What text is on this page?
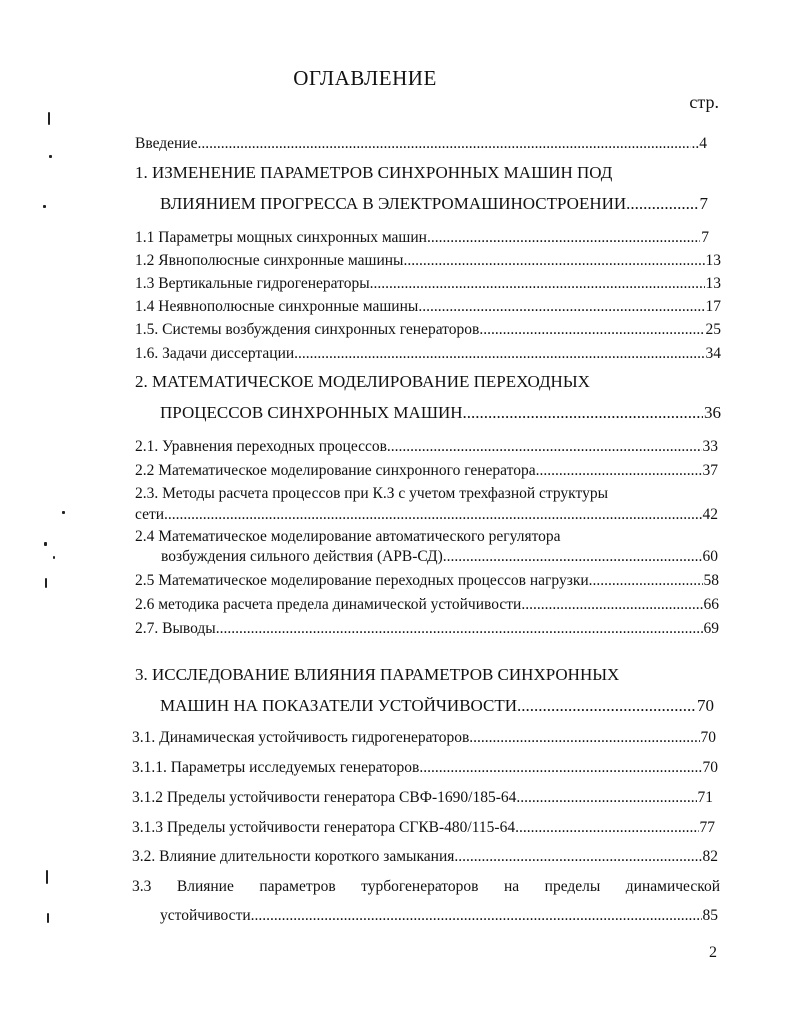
ОГЛАВЛЕНИЕ
стр.
Введение .....	..4
1. ИЗМЕНЕНИЕ ПАРАМЕТРОВ СИНХРОННЫХ МАШИН ПОД
ВЛИЯНИЕМ ПРОГРЕССА В ЭЛЕКТРОМАШИНОСТРОЕНИИ .....	7
1.1 Параметры мощных синхронных машин .....	7
1.2 Явнополюсные синхронные машины .....	13
1.3 Вертикальные гидрогенераторы .....	13
1.4 Неявнополюсные синхронные машины .....	17
1.5. Системы возбуждения синхронных генераторов .....	25
1.6. Задачи диссертации .....	34
2. МАТЕМАТИЧЕСКОЕ МОДЕЛИРОВАНИЕ ПЕРЕХОДНЫХ
ПРОЦЕССОВ СИНХРОННЫХ МАШИН .....	36
2.1. Уравнения переходных процессов .....	33
2.2 Математическое моделирование синхронного генератора .....	37
2.3. Методы расчета процессов при К.З с учетом трехфазной структуры
сети .....	42
2.4 Математическое моделирование автоматического регулятора
возбуждения сильного действия (АРВ-СД) .....	60
2.5 Математическое моделирование переходных процессов нагрузки .....	58
2.6 методика расчета предела динамической устойчивости .....	66
2.7. Выводы .....	69
3. ИССЛЕДОВАНИЕ ВЛИЯНИЯ ПАРАМЕТРОВ СИНХРОННЫХ
МАШИН НА ПОКАЗАТЕЛИ УСТОЙЧИВОСТИ .....	70
3.1. Динамическая устойчивость гидрогенераторов .....	70
3.1.1. Параметры исследуемых генераторов .....	70
3.1.2 Пределы устойчивости генератора СВФ-1690/185-64 .....	71
3.1.3 Пределы устойчивости генератора СГКВ-480/115-64 .....	77
3.2. Влияние длительности короткого замыкания .....	82
3.3 Влияние параметров турбогенераторов на пределы динамической
устойчивости .....	85
2
